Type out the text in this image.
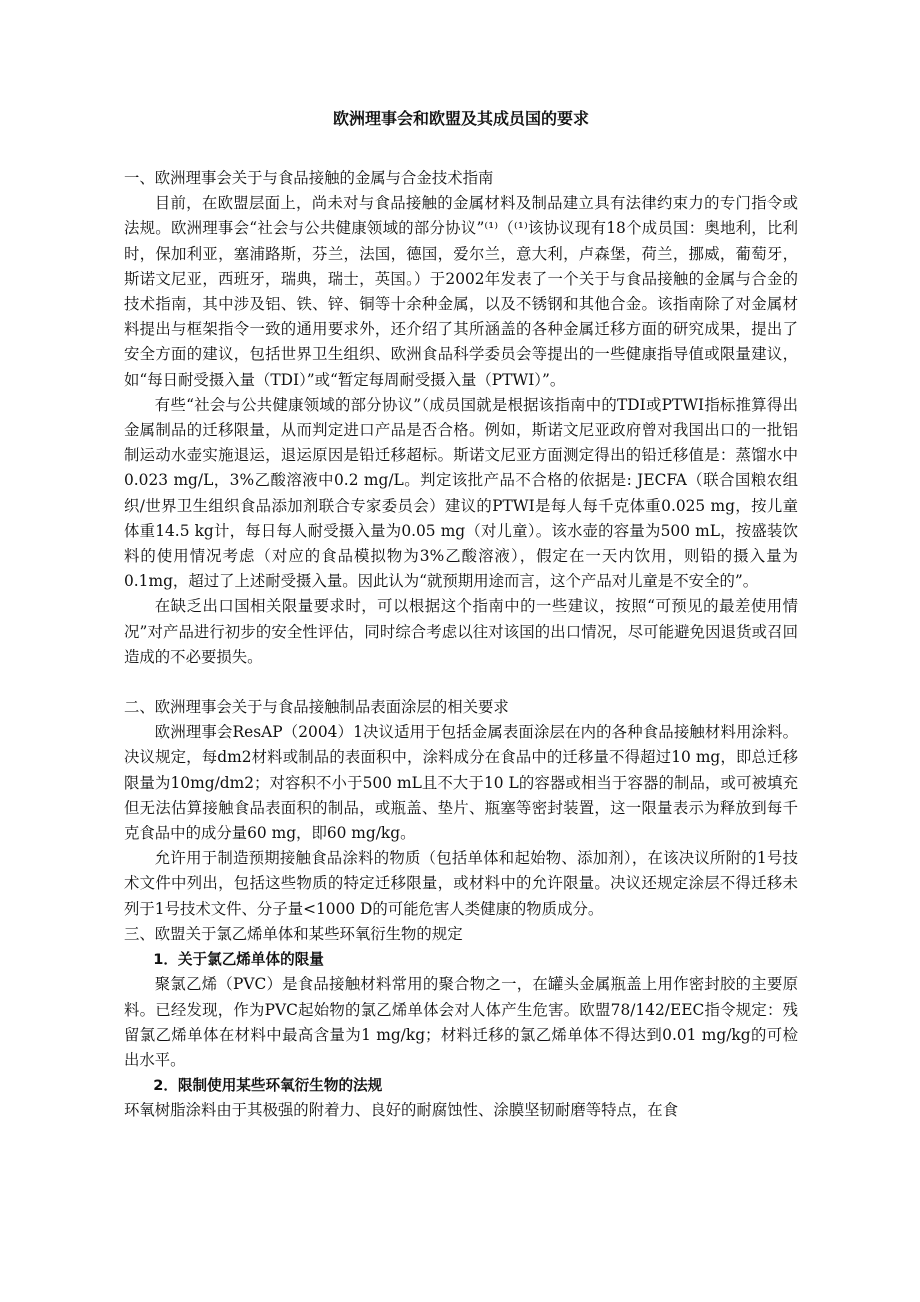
欧洲理事会和欧盟及其成员国的要求

一、欧洲理事会关于与食品接触的金属与合金技术指南

目前，在欧盟层面上，尚未对与食品接触的金属材料及制品建立具有法律约束力的专门指令或法规。欧洲理事会“社会与公共健康领域的部分协议”⁽¹⁾（⁽¹⁾该协议现有18个成员国：奥地利，比利时，保加利亚，塞浦路斯，芬兰，法国，德国，爱尔兰，意大利，卢森堡，荷兰，挪威，葡萄牙，斯诺文尼亚，西班牙，瑞典，瑞士，英国。）于2002年发表了一个关于与食品接触的金属与合金的技术指南，其中涉及铝、铁、锌、铜等十余种金属，以及不锈钢和其他合金。该指南除了对金属材料提出与框架指令一致的通用要求外，还介绍了其所涵盖的各种金属迁移方面的研究成果，提出了安全方面的建议，包括世界卫生组织、欧洲食品科学委员会等提出的一些健康指导值或限量建议，如“每日耐受摄入量（TDI）”或“暂定每周耐受摄入量（PTWI）”。

有些“社会与公共健康领域的部分协议”（成员国就是根据该指南中的TDI或PTWI指标推算得出金属制品的迁移限量，从而判定进口产品是否合格。例如，斯诺文尼亚政府曾对我国出口的一批铝制运动水壶实施退运，退运原因是铅迁移超标。斯诺文尼亚方面测定得出的铅迁移值是：蒸馏水中0.023 mg/L，3%乙酸溶液中0.2 mg/L。判定该批产品不合格的依据是: JECFA（联合国粮农组织/世界卫生组织食品添加剂联合专家委员会）建议的PTWI是每人每千克体重0.025 mg，按儿童体重14.5 kg计，每日每人耐受摄入量为0.05 mg（对儿童）。该水壶的容量为500 mL，按盛装饮料的使用情况考虑（对应的食品模拟物为3%乙酸溶液），假定在一天内饮用，则铅的摄入量为0.1mg，超过了上述耐受摄入量。因此认为“就预期用途而言，这个产品对儿童是不安全的”。

在缺乏出口国相关限量要求时，可以根据这个指南中的一些建议，按照“可预见的最差使用情况”对产品进行初步的安全性评估，同时综合考虑以往对该国的出口情况，尽可能避免因退货或召回造成的不必要损失。

二、欧洲理事会关于与食品接触制品表面涂层的相关要求

欧洲理事会ResAP（2004）1决议适用于包括金属表面涂层在内的各种食品接触材料用涂料。决议规定，每dm2材料或制品的表面积中，涂料成分在食品中的迁移量不得超过10 mg，即总迁移限量为10mg/dm2；对容积不小于500 mL且不大于10 L的容器或相当于容器的制品，或可被填充但无法估算接触食品表面积的制品，或瓶盖、垫片、瓶塞等密封装置，这一限量表示为释放到每千克食品中的成分量60 mg，即60 mg/kg。

允许用于制造预期接触食品涂料的物质（包括单体和起始物、添加剂），在该决议所附的1号技术文件中列出，包括这些物质的特定迁移限量，或材料中的允许限量。决议还规定涂层不得迁移未列于1号技术文件、分子量<1000 D的可能危害人类健康的物质成分。

三、欧盟关于氯乙烯单体和某些环氧衍生物的规定

1．关于氯乙烯单体的限量

聚氯乙烯（PVC）是食品接触材料常用的聚合物之一，在罐头金属瓶盖上用作密封胶的主要原料。已经发现，作为PVC起始物的氯乙烯单体会对人体产生危害。欧盟78/142/EEC指令规定：残留氯乙烯单体在材料中最高含量为1 mg/kg；材料迁移的氯乙烯单体不得达到0.01 mg/kg的可检出水平。

2．限制使用某些环氧衍生物的法规

环氧树脂涂料由于其极强的附着力、良好的耐腐蚀性、涂膜坚韧耐磨等特点，在食
